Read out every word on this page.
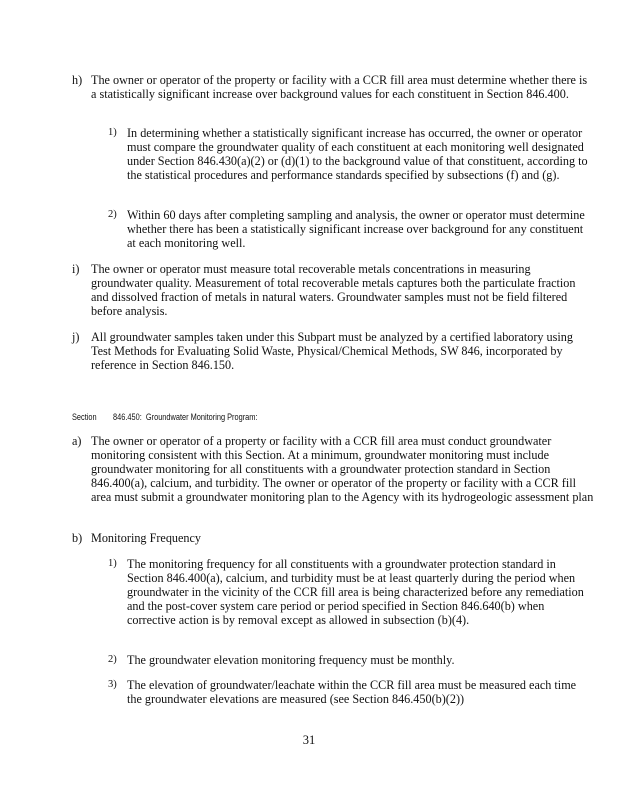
h) The owner or operator of the property or facility with a CCR fill area must determine whether there is a statistically significant increase over background values for each constituent in Section 846.400.
1) In determining whether a statistically significant increase has occurred, the owner or operator must compare the groundwater quality of each constituent at each monitoring well designated under Section 846.430(a)(2) or (d)(1) to the background value of that constituent, according to the statistical procedures and performance standards specified by subsections (f) and (g).
2) Within 60 days after completing sampling and analysis, the owner or operator must determine whether there has been a statistically significant increase over background for any constituent at each monitoring well.
i) The owner or operator must measure total recoverable metals concentrations in measuring groundwater quality. Measurement of total recoverable metals captures both the particulate fraction and dissolved fraction of metals in natural waters. Groundwater samples must not be field filtered before analysis.
j) All groundwater samples taken under this Subpart must be analyzed by a certified laboratory using Test Methods for Evaluating Solid Waste, Physical/Chemical Methods, SW 846, incorporated by reference in Section 846.150.
Section 846.450: Groundwater Monitoring Program:
a) The owner or operator of a property or facility with a CCR fill area must conduct groundwater monitoring consistent with this Section. At a minimum, groundwater monitoring must include groundwater monitoring for all constituents with a groundwater protection standard in Section 846.400(a), calcium, and turbidity. The owner or operator of the property or facility with a CCR fill area must submit a groundwater monitoring plan to the Agency with its hydrogeologic assessment plan
b) Monitoring Frequency
1) The monitoring frequency for all constituents with a groundwater protection standard in Section 846.400(a), calcium, and turbidity must be at least quarterly during the period when groundwater in the vicinity of the CCR fill area is being characterized before any remediation and the post-cover system care period or period specified in Section 846.640(b) when corrective action is by removal except as allowed in subsection (b)(4).
2) The groundwater elevation monitoring frequency must be monthly.
3) The elevation of groundwater/leachate within the CCR fill area must be measured each time the groundwater elevations are measured (see Section 846.450(b)(2))
31
